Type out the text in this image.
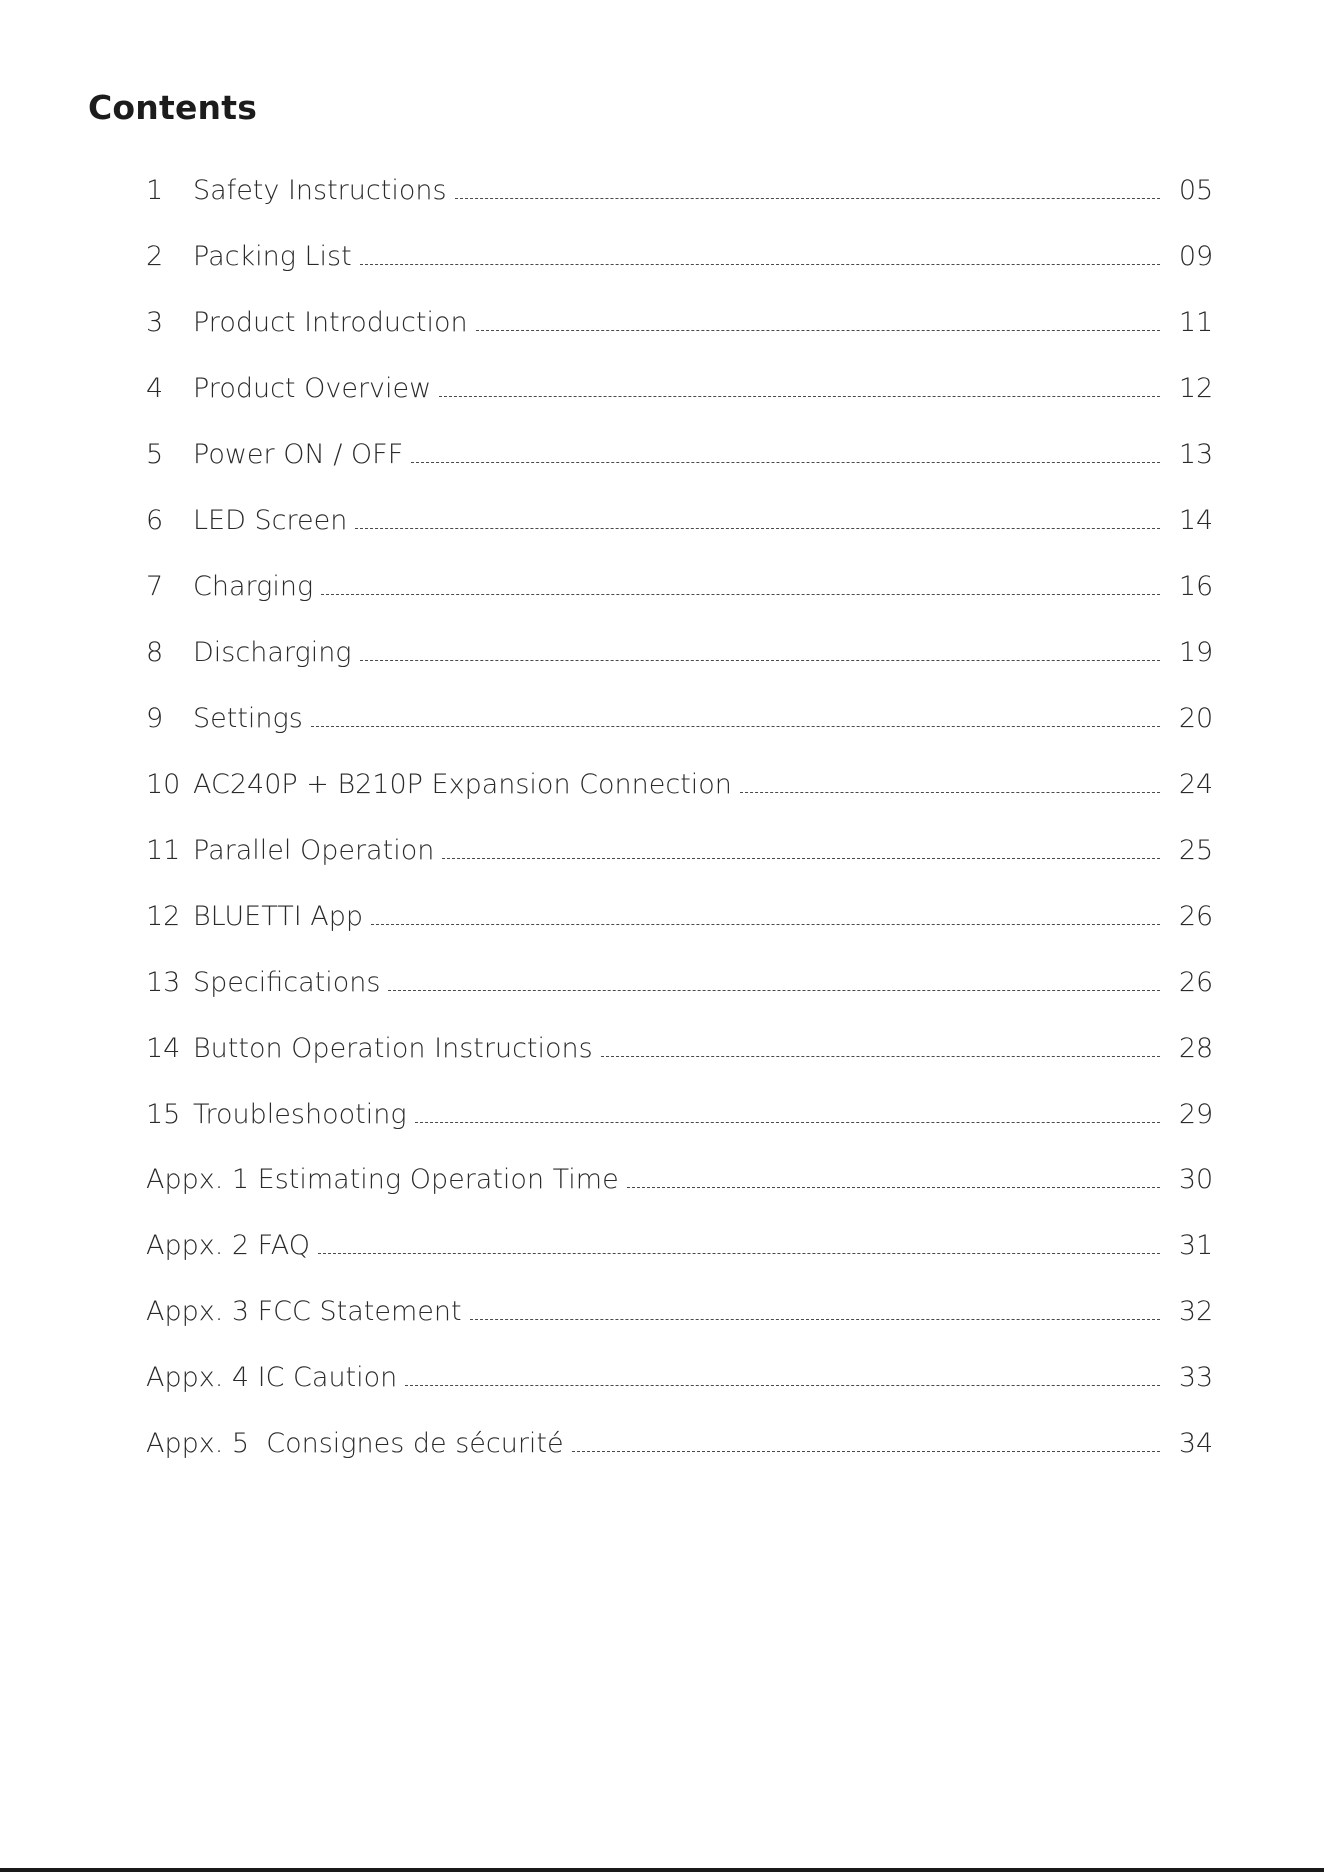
Contents
1 Safety Instructions	05
2 Packing List	09
3 Product Introduction	11
4 Product Overview	12
5 Power ON / OFF	13
6 LED Screen	14
7 Charging	16
8 Discharging	19
9 Settings	20
10 AC240P + B210P Expansion Connection	24
11 Parallel Operation	25
12 BLUETTI App	26
13 Specifications	26
14 Button Operation Instructions	28
15 Troubleshooting	29
Appx. 1 Estimating Operation Time	30
Appx. 2 FAQ	31
Appx. 3 FCC Statement	32
Appx. 4 IC Caution	33
Appx. 5  Consignes de sécurité	34
